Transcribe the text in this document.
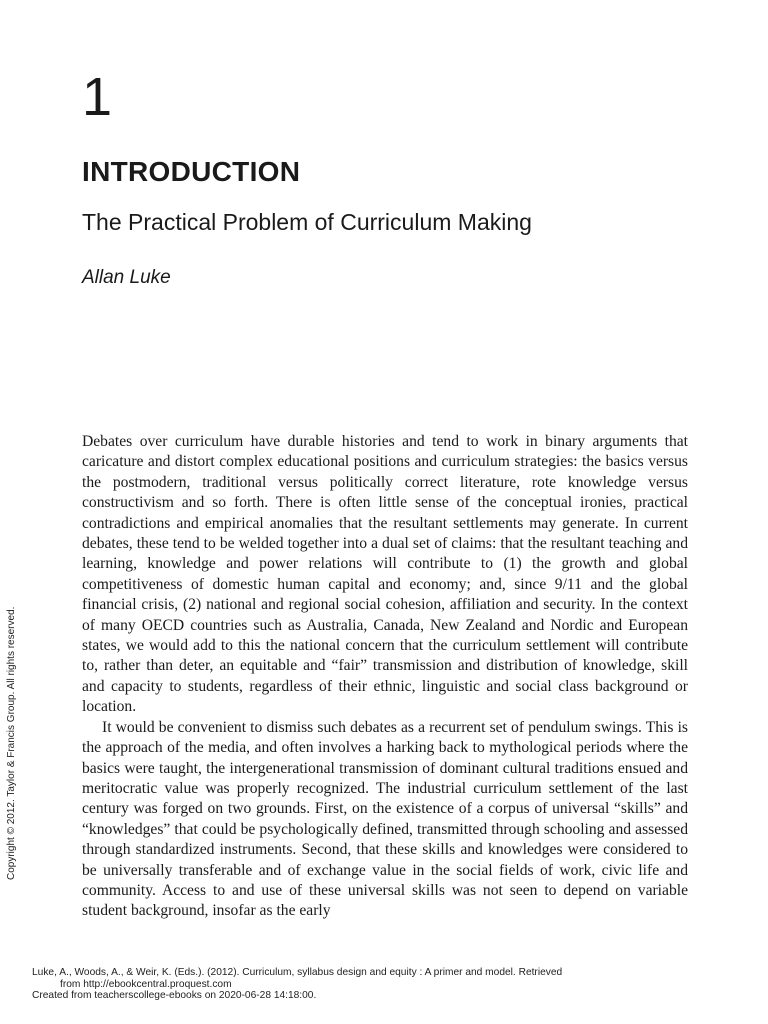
1
INTRODUCTION
The Practical Problem of Curriculum Making
Allan Luke

Debates over curriculum have durable histories and tend to work in binary arguments that caricature and distort complex educational positions and curriculum strategies: the basics versus the postmodern, traditional versus politically correct literature, rote knowledge versus constructivism and so forth. There is often little sense of the conceptual ironies, practical contradictions and empirical anomalies that the resultant settlements may generate. In current debates, these tend to be welded together into a dual set of claims: that the resultant teaching and learning, knowledge and power relations will contribute to (1) the growth and global competitiveness of domestic human capital and economy; and, since 9/11 and the global financial crisis, (2) national and regional social cohesion, affiliation and security. In the context of many OECD countries such as Australia, Canada, New Zealand and Nordic and European states, we would add to this the national concern that the curriculum settlement will contribute to, rather than deter, an equitable and “fair” transmission and distribution of knowledge, skill and capacity to students, regardless of their ethnic, linguistic and social class background or location.

It would be convenient to dismiss such debates as a recurrent set of pendulum swings. This is the approach of the media, and often involves a harking back to mythological periods where the basics were taught, the intergenerational transmission of dominant cultural traditions ensued and meritocratic value was properly recognized. The industrial curriculum settlement of the last century was forged on two grounds. First, on the existence of a corpus of universal “skills” and “knowledges” that could be psychologically defined, transmitted through schooling and assessed through standardized instruments. Second, that these skills and knowledges were considered to be universally transferable and of exchange value in the social fields of work, civic life and community. Access to and use of these universal skills was not seen to depend on variable student background, insofar as the early

Copyright © 2012. Taylor & Francis Group. All rights reserved.
Luke, A., Woods, A., & Weir, K. (Eds.). (2012). Curriculum, syllabus design and equity : A primer and model. Retrieved
from http://ebookcentral.proquest.com
Created from teacherscollege-ebooks on 2020-06-28 14:18:00.
